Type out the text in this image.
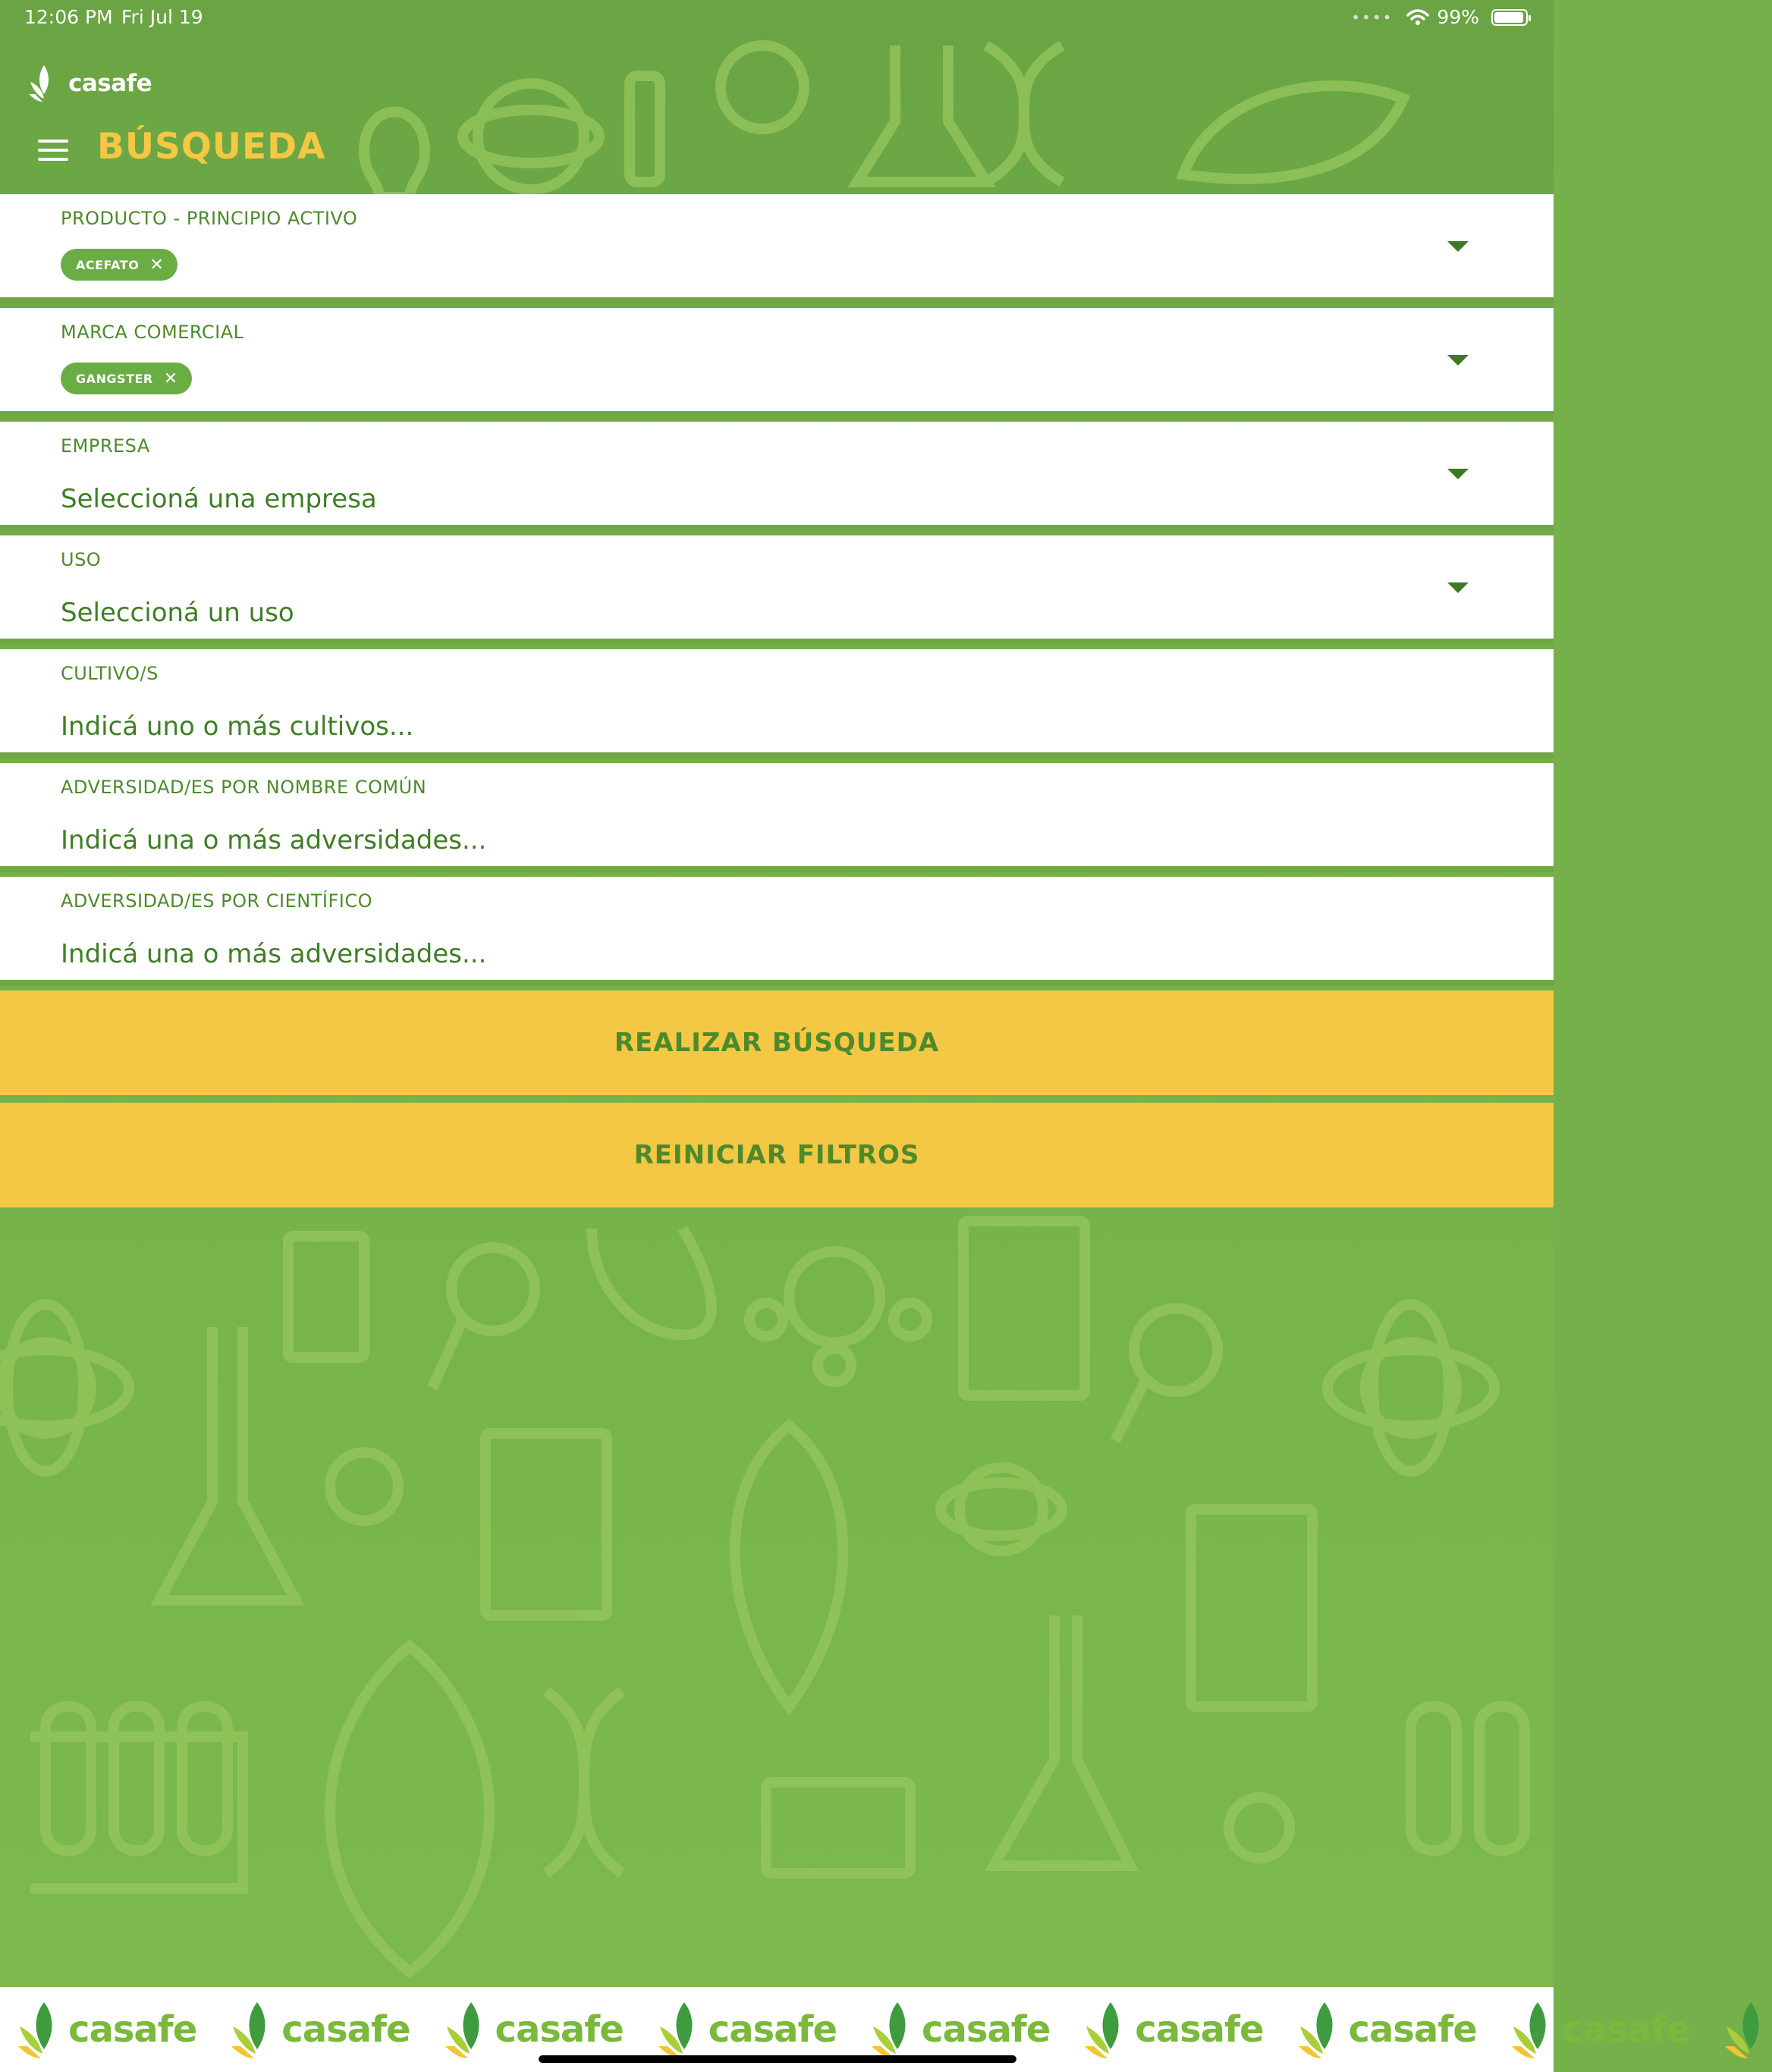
12:06 PM Fri Jul 19	•••• 99%
casafe
BÚSQUEDA
PRODUCTO - PRINCIPIO ACTIVO
ACEFATO ✕
MARCA COMERCIAL
GANGSTER ✕
EMPRESA
Seleccioná una empresa
USO
Seleccioná un uso
CULTIVO/S
Indicá uno o más cultivos...
ADVERSIDAD/ES POR NOMBRE COMÚN
Indicá una o más adversidades...
ADVERSIDAD/ES POR CIENTÍFICO
Indicá una o más adversidades...
REALIZAR BÚSQUEDA
REINICIAR FILTROS
casafe casafe casafe casafe casafe casafe casafe casafe
